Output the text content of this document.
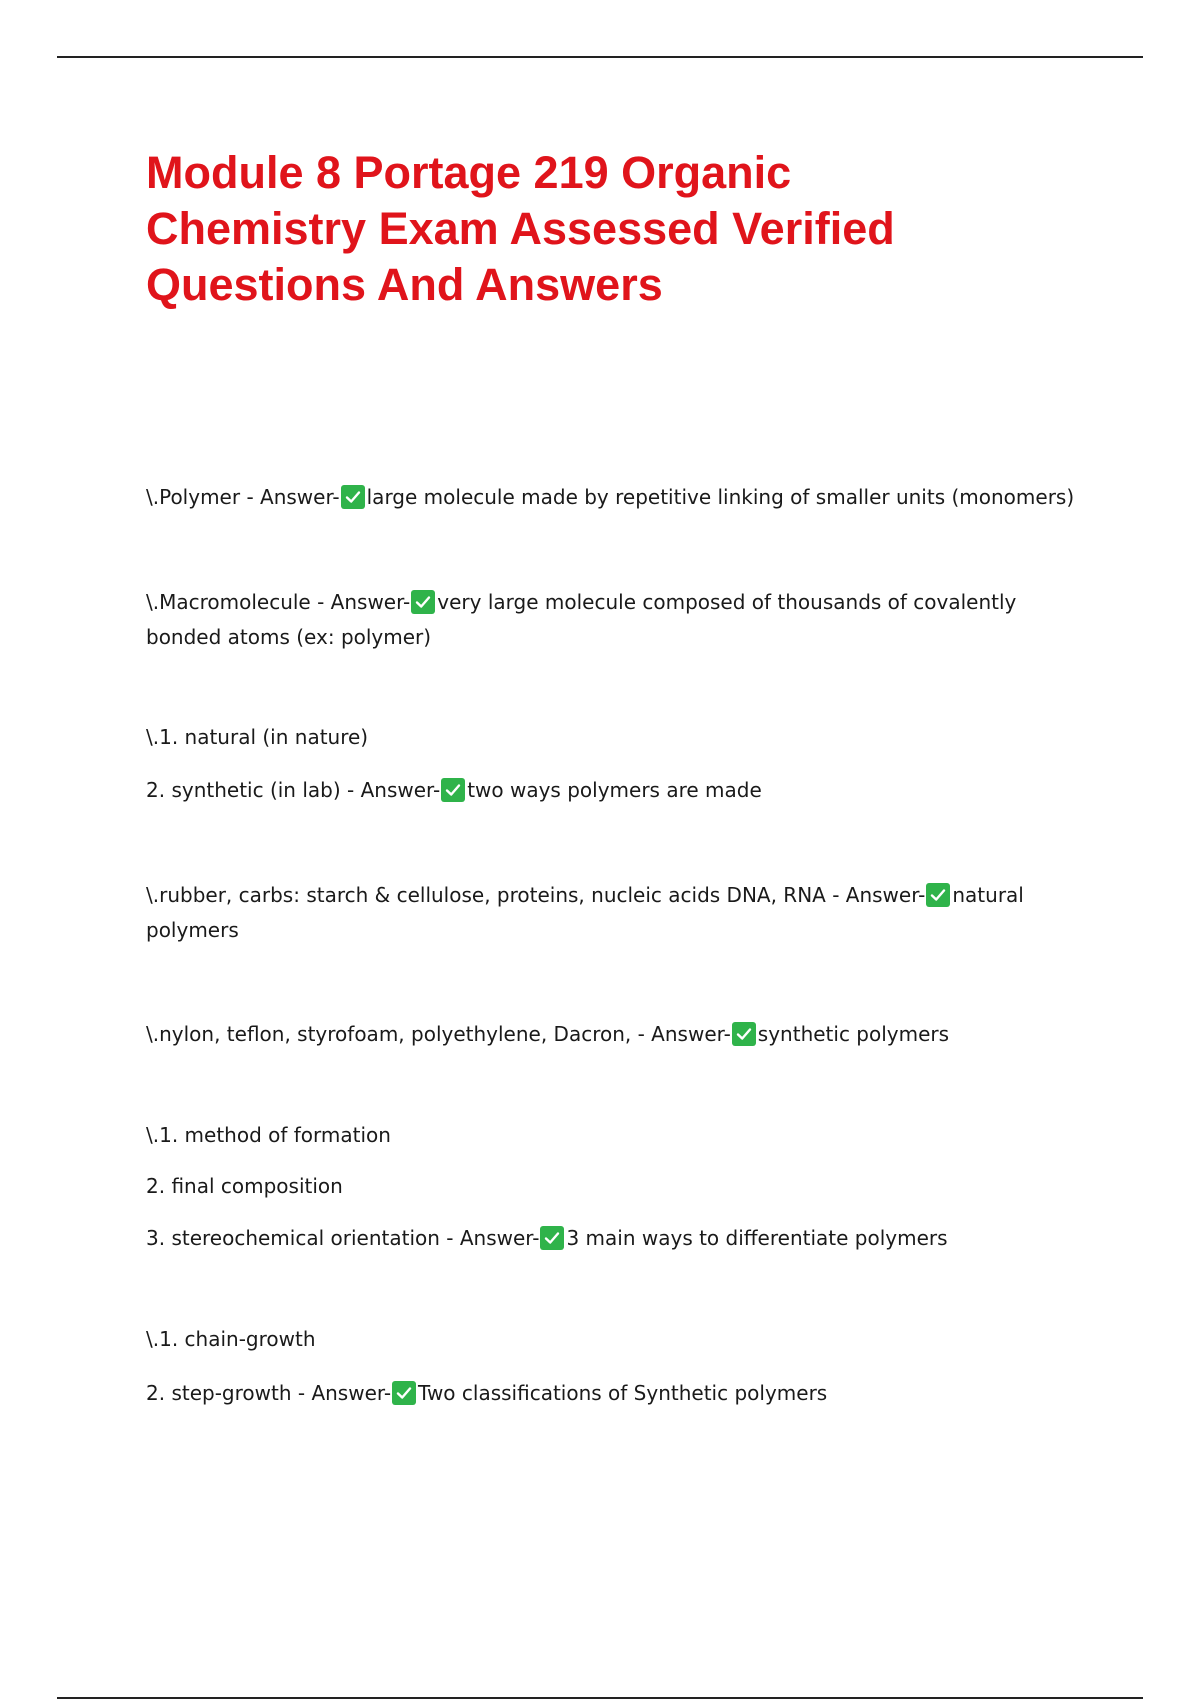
Module 8 Portage 219 Organic
Chemistry Exam Assessed Verified
Questions And Answers
\.Polymer - Answer- large molecule made by repetitive linking of smaller units (monomers)
\.Macromolecule - Answer- very large molecule composed of thousands of covalently
bonded atoms (ex: polymer)
\.1. natural (in nature)
2. synthetic (in lab) - Answer- two ways polymers are made
\.rubber, carbs: starch & cellulose, proteins, nucleic acids DNA, RNA - Answer- natural
polymers
\.nylon, teflon, styrofoam, polyethylene, Dacron, - Answer- synthetic polymers
\.1. method of formation
2. final composition
3. stereochemical orientation - Answer- 3 main ways to differentiate polymers
\.1. chain-growth
2. step-growth - Answer- Two classifications of Synthetic polymers
